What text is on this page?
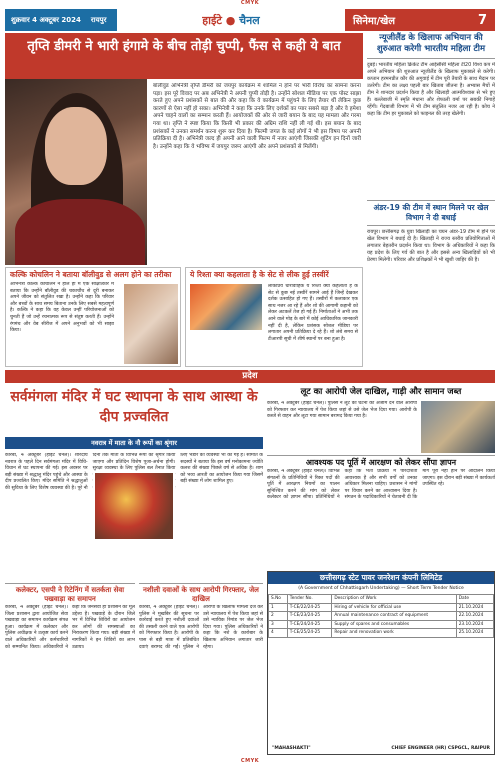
CMYK
शुक्रवार 4 अक्टूबर 2024 रायपुर	हाईटे ● चैनल	सिनेमा/खेल	7
तृप्ति डीमरी ने भारी हंगामे के बीच तोड़ी चुप्पी, फैंस से कही ये बात
बॉलीवुड अभिनेत्री तृप्ति डीमरी को जयपुर कार्यक्रम में शामिल न होने पर भारी विरोध का सामना करना पड़ा। इस पूरे विवाद पर अब अभिनेत्री ने अपनी चुप्पी तोड़ी है। उन्होंने सोशल मीडिया पर एक पोस्ट साझा करते हुए अपने प्रशंसकों से बात की और कहा कि वे कार्यक्रम में पहुंचने के लिए तैयार थीं लेकिन कुछ कारणों से ऐसा नहीं हो सका। अभिनेत्री ने कहा कि उनके लिए दर्शकों का प्यार सबसे बड़ा है और वे हमेशा अपने चाहने वालों का सम्मान करती हैं। आयोजकों की ओर से जारी बयान के बाद यह मामला और गरमा गया था। तृप्ति ने स्पष्ट किया कि किसी भी प्रकार की अग्रिम राशि नहीं ली गई थी। इस बयान के बाद प्रशंसकों ने उनका समर्थन करना शुरू कर दिया है। फिल्मी जगत के कई लोगों ने भी इस विषय पर अपनी प्रतिक्रिया दी है। अभिनेत्री जल्द ही अपनी आने वाली फिल्म में नजर आएंगी जिसकी शूटिंग इन दिनों जारी है। उन्होंने कहा कि वे भविष्य में जयपुर जरूर आएंगी और अपने प्रशंसकों से मिलेंगी।
न्यूजीलैंड के खिलाफ अभियान की शुरुआत करेगी भारतीय महिला टीम
दुबई। भारतीय महिला क्रिकेट टीम आईसीसी महिला टी20 विश्व कप में अपने अभियान की शुरुआत न्यूजीलैंड के खिलाफ मुकाबले से करेगी। कप्तान हरमनप्रीत कौर की अगुवाई में टीम पूरी तैयारी के साथ मैदान पर उतरेगी। टीम का लक्ष्य पहली बार खिताब जीतना है। अभ्यास मैचों में टीम ने शानदार प्रदर्शन किया है और खिलाड़ी आत्मविश्वास से भरे हुए हैं। बल्लेबाजी में स्मृति मंधाना और शेफाली वर्मा पर सबकी निगाहें रहेंगी। गेंदबाजी विभाग में भी टीम संतुलित नजर आ रही है। कोच ने कहा कि टीम हर मुकाबले को फाइनल की तरह खेलेगी।
अंडर-19 की टीम में स्थान मिलने पर खेल विभाग ने दी बधाई
रायपुर। छत्तीसगढ़ के युवा खिलाड़ी का चयन अंडर-19 टीम में होने पर खेल विभाग ने बधाई दी है। खिलाड़ी ने राज्य स्तरीय प्रतियोगिताओं में लगातार बेहतरीन प्रदर्शन किया था। विभाग के अधिकारियों ने कहा कि यह प्रदेश के लिए गर्व की बात है और इससे अन्य खिलाड़ियों को भी प्रेरणा मिलेगी। परिवार और प्रशिक्षकों ने भी खुशी जाहिर की है।
कल्कि कोचलिन ने बताया बॉलीवुड से अलग होने का तरीका
अभिनेत्री कल्कि कोचलिन ने हाल ही में एक साक्षात्कार में बताया कि उन्होंने बॉलीवुड की चकाचौंध से दूरी बनाकर अपने जीवन को संतुलित रखा है। उन्होंने कहा कि परिवार और बच्चों के साथ समय बिताना उनके लिए सबसे महत्वपूर्ण है। कल्कि ने कहा कि वह केवल उन्हीं परियोजनाओं को चुनती हैं जो उन्हें रचनात्मक रूप से संतुष्ट करती हैं। उन्होंने रंगमंच और वेब सीरीज में अपने अनुभवों को भी साझा किया।
ये रिश्ता क्या कहलाता है के सेट से लीक हुई तस्वीरें
लोकप्रिय धारावाहिक ये रिश्ता क्या कहलाता है के सेट से कुछ नई तस्वीरें सामने आई हैं जिन्हें देखकर दर्शक उत्साहित हो गए हैं। तस्वीरों में कलाकार एक साथ नजर आ रहे हैं और शो की आगामी कहानी को लेकर अटकलें तेज हो गई हैं। निर्माताओं ने अभी तक आने वाले मोड़ के बारे में कोई आधिकारिक जानकारी नहीं दी है, लेकिन प्रशंसक सोशल मीडिया पर लगातार अपनी प्रतिक्रिया दे रहे हैं। शो लंबे समय से टीआरपी सूची में शीर्ष स्थानों पर बना हुआ है।
प्रदेश
सर्वमंगला मंदिर में घट स्थापना के साथ आस्था के दीप प्रज्वलित
नवरात्र में माता के नौ रूपों का श्रृंगार
कोरबा, 4 अक्टूबर (हाईटे चैनल)। शारदीय नवरात्र के पहले दिन सर्वमंगला मंदिर में विधि-विधान से घट स्थापना की गई। इस अवसर पर बड़ी संख्या में श्रद्धालु मंदिर पहुंचे और आस्था के दीप प्रज्वलित किए। मंदिर समिति ने श्रद्धालुओं की सुविधा के लिए विशेष व्यवस्था की है। पूरे नौ दिनों तक माता के विभिन्न रूपों का श्रृंगार किया जाएगा और प्रतिदिन विशेष पूजा-अर्चना होगी। सुरक्षा व्यवस्था के लिए पुलिस बल तैनात किया लिए भंडारे की व्यवस्था भी की गई है। समिति के सदस्यों ने बताया कि इस वर्ष मनोकामना ज्योति कलश की संख्या पिछले वर्ष से अधिक है। शाम को भव्य आरती का आयोजन किया गया जिसमें बड़ी संख्या में लोग शामिल हुए।
लूट का आरोपी जेल दाखिल, गाड़ी और सामान जब्त
कोरबा, 4 अक्टूबर (हाईटे चैनल)। पुलिस ने लूट की घटना को अंजाम देने वाले आरोपी को गिरफ्तार कर न्यायालय में पेश किया जहां से उसे जेल भेज दिया गया। आरोपी के कब्जे से वाहन और लूटा गया सामान बरामद किया गया है।
आवश्यक पद पूर्ति में आरक्षण को लेकर सौंपा ज्ञापन
कोरबा, 4 अक्टूबर (हाईटे चैनल)। विभिन्न संगठनों के प्रतिनिधियों ने रिक्त पदों की पूर्ति में आरक्षण नियमों का पालन सुनिश्चित करने की मांग को लेकर कलेक्टर को ज्ञापन सौंपा। प्रतिनिधियों ने कहा कि भर्ती प्रक्रिया में पारदर्शिता आवश्यक है और सभी वर्गों को उनका अधिकार मिलना चाहिए। प्रशासन ने मांगों पर विचार करने का आश्वासन दिया है। संगठन के पदाधिकारियों ने चेतावनी दी कि मांगें पूरी नहीं होने पर आंदोलन किया जाएगा। इस दौरान बड़ी संख्या में कार्यकर्ता उपस्थित रहे।
कलेक्टर, एसपी ने रिटेनिंग में सतर्कता सेवा पखवाड़ा का समापन
कोरबा, 4 अक्टूबर (हाईटे चैनल)। जिला प्रशासन द्वारा आयोजित सेवा पखवाड़ा का समापन कार्यक्रम संपन्न हुआ। कार्यक्रम में कलेक्टर और पुलिस अधीक्षक ने उत्कृष्ट कार्य करने वाले अधिकारियों और कर्मचारियों को सम्मानित किया। अधिकारियों ने कहा कि जनसेवा ही प्रशासन का मूल उद्देश्य है। पखवाड़े के दौरान जिले भर में विभिन्न शिविरों का आयोजन कर लोगों की समस्याओं का निराकरण किया गया। बड़ी संख्या में नागरिकों ने इन शिविरों का लाभ उठाया।
नशीली दवाओं के साथ आरोपी गिरफ्तार, जेल दाखिल
कोरबा, 4 अक्टूबर (हाईटे चैनल)। पुलिस ने मुखबिर की सूचना पर कार्रवाई करते हुए नशीली दवाओं की तस्करी करने वाले एक आरोपी को गिरफ्तार किया है। आरोपी के पास से बड़ी मात्रा में प्रतिबंधित दवाएं बरामद की गईं। पुलिस ने आरोपी के खिलाफ मामला दर्ज कर उसे न्यायालय में पेश किया जहां से उसे न्यायिक रिमांड पर जेल भेज दिया गया। पुलिस अधिकारियों ने कहा कि नशे के कारोबार के खिलाफ अभियान लगातार जारी रहेगा।
छत्तीसगढ़ स्टेट पावर जनरेशन कंपनी लिमिटेड
(A Government of Chhattisgarh Undertaking) — Short Term Tender Notice
S.No	Tender No.	Description of Work	Date
1	T-CE/22/24-25	Hiring of vehicle for official use	21.10.2024
2	T-CE/23/24-25	Annual maintenance contract of equipment	22.10.2024
3	T-CE/24/24-25	Supply of spares and consumables	23.10.2024
4	T-CE/25/24-25	Repair and renovation work	25.10.2024
"MAHASHAKTI"	CHIEF ENGINEER (HR) CSPGCL, RAIPUR
CMYK
